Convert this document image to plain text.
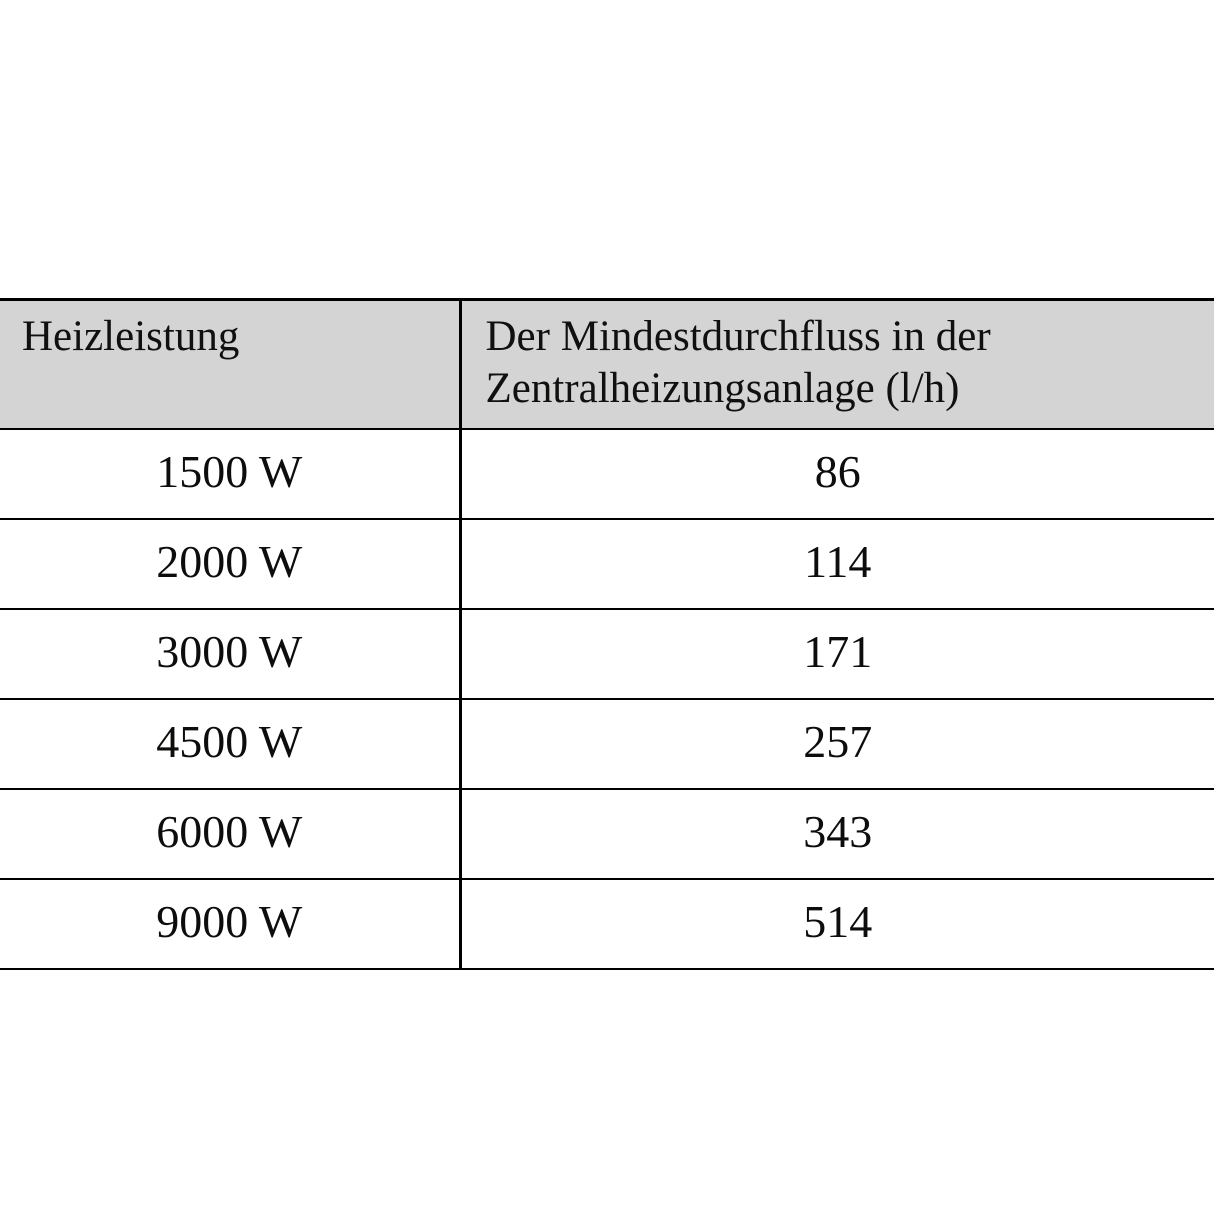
Heizleistung	Der Mindestdurchfluss in der Zentralheizungsanlage (l/h)
1500 W	86
2000 W	114
3000 W	171
4500 W	257
6000 W	343
9000 W	514
